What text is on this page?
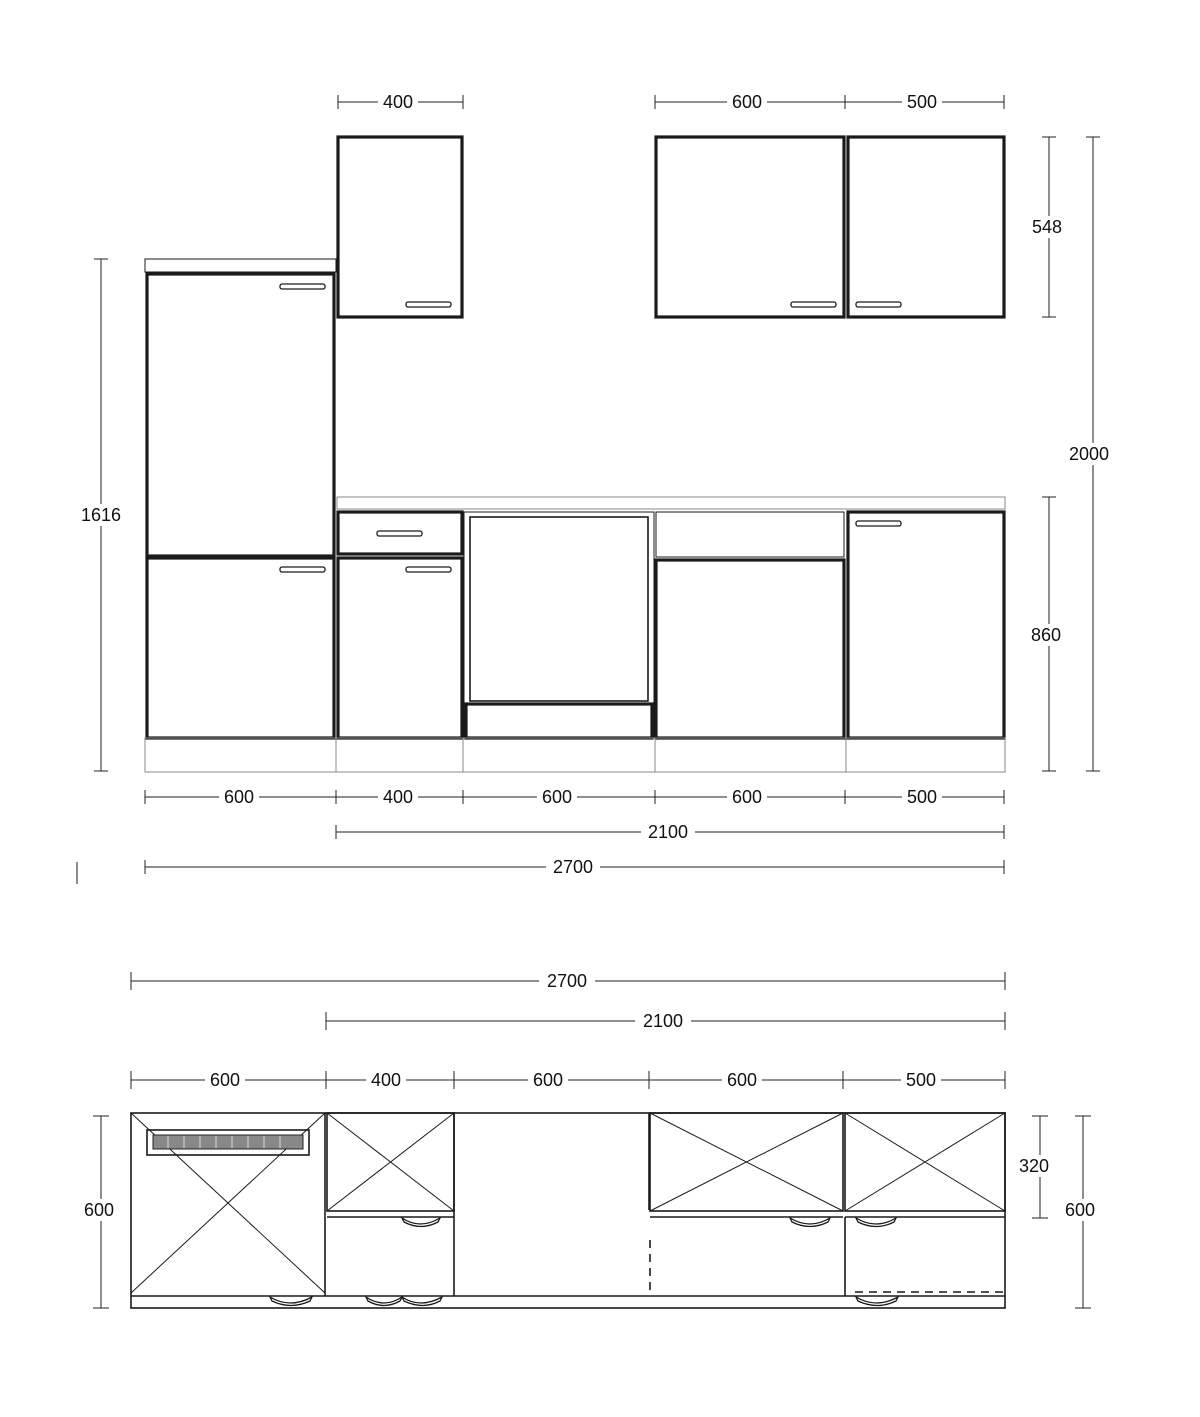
400	600	500
548
2000
860
1616
600	400	600	600	500
2100
2700
2700
2100
600	400	600	600	500
600
320
600
